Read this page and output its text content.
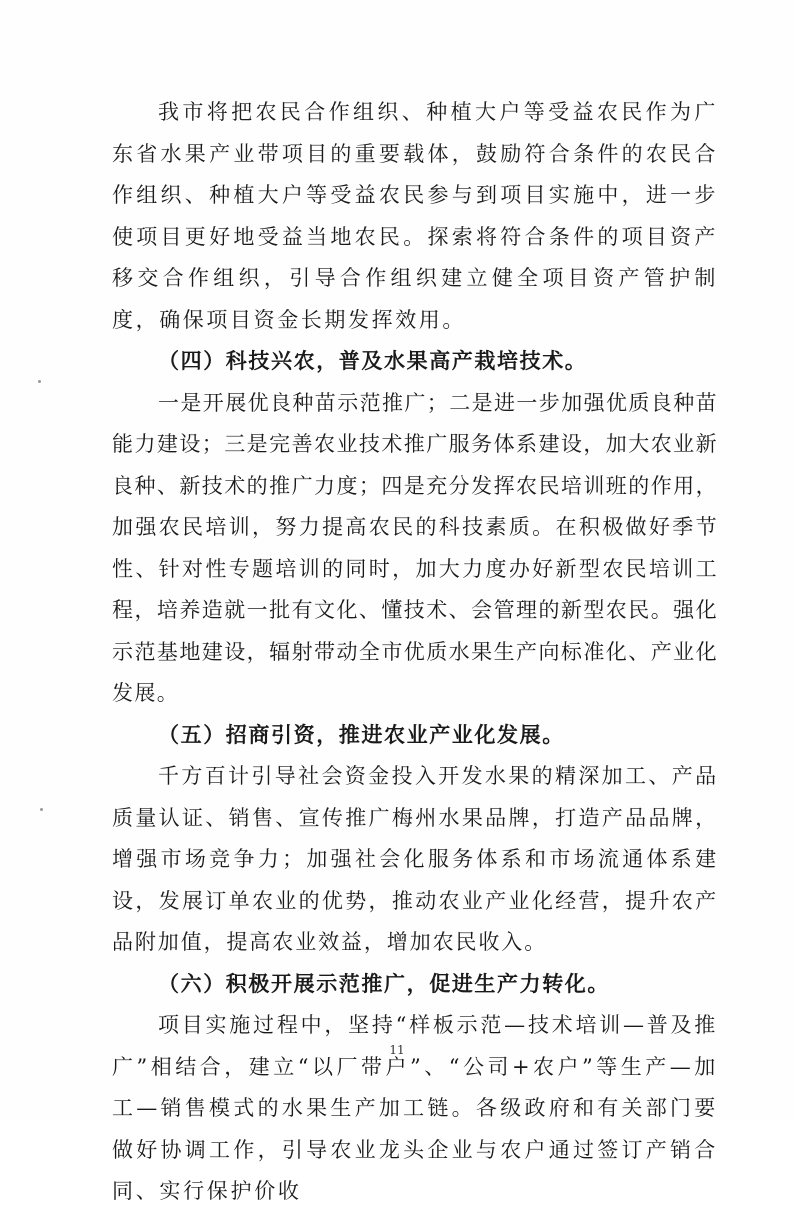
我市将把农民合作组织、种植大户等受益农民作为广东省水果产业带项目的重要载体，鼓励符合条件的农民合作组织、种植大户等受益农民参与到项目实施中，进一步使项目更好地受益当地农民。探索将符合条件的项目资产移交合作组织，引导合作组织建立健全项目资产管护制度，确保项目资金长期发挥效用。

（四）科技兴农，普及水果高产栽培技术。

一是开展优良种苗示范推广；二是进一步加强优质良种苗能力建设；三是完善农业技术推广服务体系建设，加大农业新良种、新技术的推广力度；四是充分发挥农民培训班的作用，加强农民培训，努力提高农民的科技素质。在积极做好季节性、针对性专题培训的同时，加大力度办好新型农民培训工程，培养造就一批有文化、懂技术、会管理的新型农民。强化示范基地建设，辐射带动全市优质水果生产向标准化、产业化发展。

（五）招商引资，推进农业产业化发展。

千方百计引导社会资金投入开发水果的精深加工、产品质量认证、销售、宣传推广梅州水果品牌，打造产品品牌，增强市场竞争力；加强社会化服务体系和市场流通体系建设，发展订单农业的优势，推动农业产业化经营，提升农产品附加值，提高农业效益，增加农民收入。

（六）积极开展示范推广，促进生产力转化。

项目实施过程中，坚持“样板示范—技术培训—普及推广”相结合，建立“以厂带户”、“公司+农户”等生产—加工—销售模式的水果生产加工链。各级政府和有关部门要做好协调工作，引导农业龙头企业与农户通过签订产销合同、实行保护价收

11
